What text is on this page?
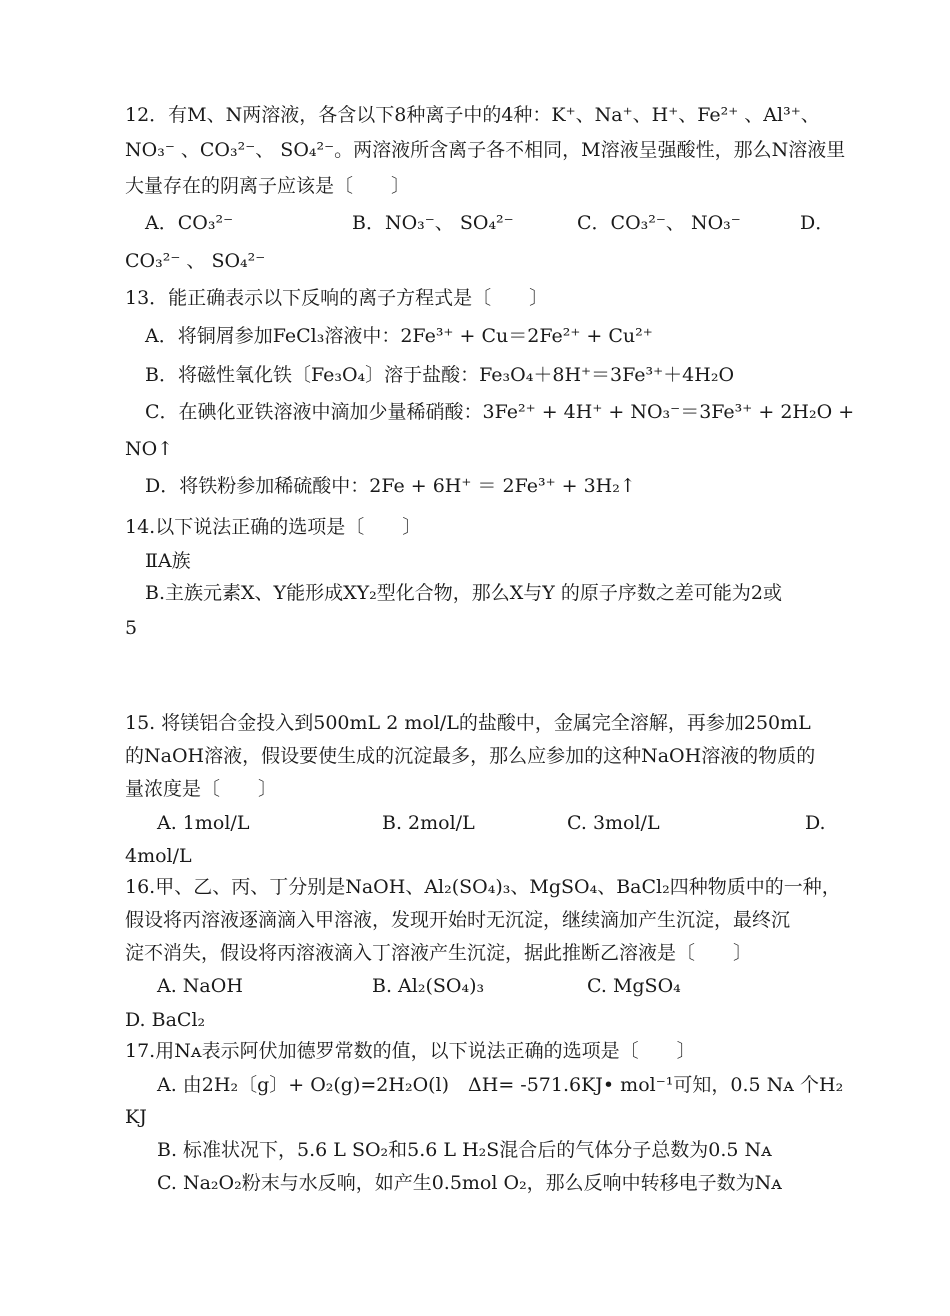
12．有M、N两溶液，各含以下8种离子中的4种：K⁺、Na⁺、H⁺、Fe²⁺ 、Al³⁺、
NO₃⁻ 、CO₃²⁻、 SO₄²⁻。两溶液所含离子各不相同，M溶液呈强酸性，那么N溶液里
大量存在的阴离子应该是〔　　〕
A．CO₃²⁻	B．NO₃⁻、 SO₄²⁻	C．CO₃²⁻、 NO₃⁻	D．
CO₃²⁻ 、 SO₄²⁻
13．能正确表示以下反响的离子方程式是〔　　〕
A．将铜屑参加FeCl₃溶液中：2Fe³⁺ + Cu＝2Fe²⁺ + Cu²⁺
B．将磁性氧化铁〔Fe₃O₄〕溶于盐酸：Fe₃O₄＋8H⁺＝3Fe³⁺＋4H₂O
C．在碘化亚铁溶液中滴加少量稀硝酸：3Fe²⁺ + 4H⁺ + NO₃⁻＝3Fe³⁺ + 2H₂O +
NO↑
D．将铁粉参加稀硫酸中：2Fe + 6H⁺ ＝ 2Fe³⁺ + 3H₂↑
14.以下说法正确的选项是〔　　〕
ⅡA族
B.主族元素X、Y能形成XY₂型化合物，那么X与Y 的原子序数之差可能为2或
5
15. 将镁铝合金投入到500mL 2 mol/L的盐酸中，金属完全溶解，再参加250mL
的NaOH溶液，假设要使生成的沉淀最多，那么应参加的这种NaOH溶液的物质的
量浓度是〔　　〕
A. 1mol/L	B. 2mol/L	C. 3mol/L	D.
4mol/L
16.甲、乙、丙、丁分别是NaOH、Al₂(SO₄)₃、MgSO₄、BaCl₂四种物质中的一种，
假设将丙溶液逐滴滴入甲溶液，发现开始时无沉淀，继续滴加产生沉淀，最终沉
淀不消失，假设将丙溶液滴入丁溶液产生沉淀，据此推断乙溶液是〔　　〕
A. NaOH	B. Al₂(SO₄)₃	C. MgSO₄
D. BaCl₂
17.用Nᴀ表示阿伏加德罗常数的值，以下说法正确的选项是〔　　〕
A. 由2H₂〔g〕+ O₂(g)=2H₂O(l)　ΔH= -571.6KJ• mol⁻¹可知，0.5 Nᴀ 个H₂
KJ
B. 标准状况下，5.6 L SO₂和5.6 L H₂S混合后的气体分子总数为0.5 Nᴀ
C. Na₂O₂粉末与水反响，如产生0.5mol O₂，那么反响中转移电子数为Nᴀ
